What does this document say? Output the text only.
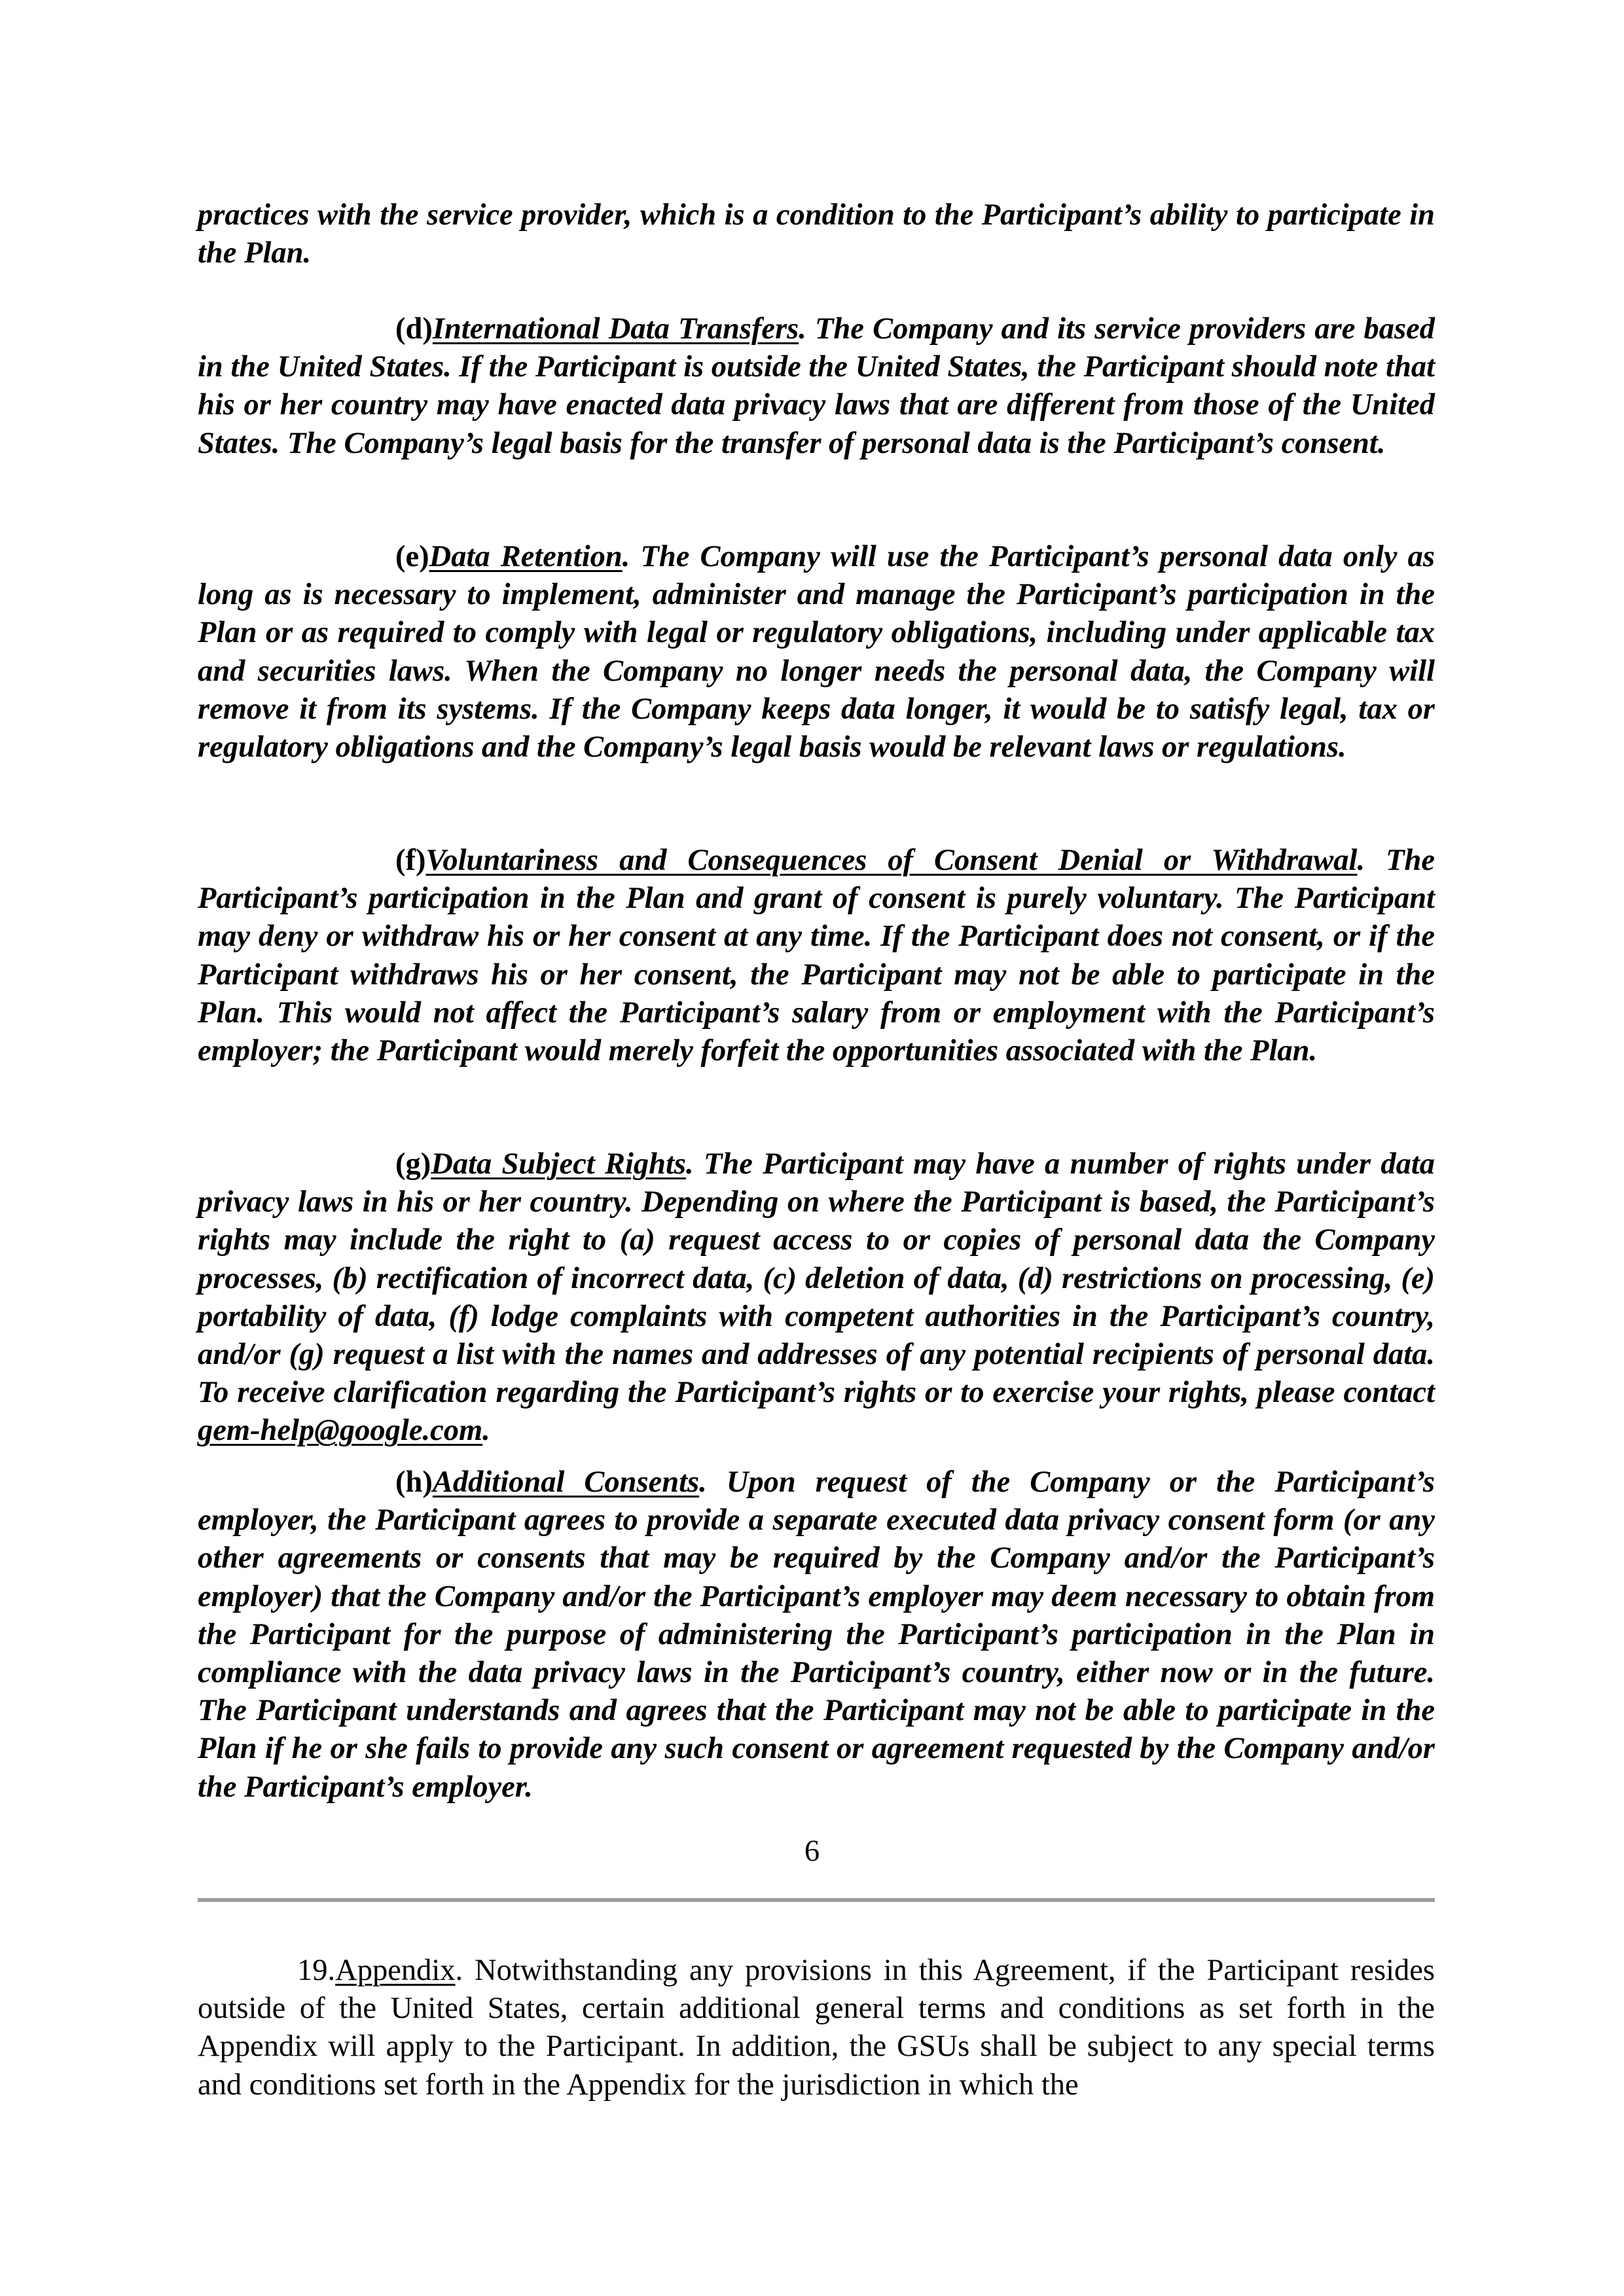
practices with the service provider, which is a condition to the Participant’s ability to participate in the Plan.

(d)International Data Transfers. The Company and its service providers are based in the United States. If the Participant is outside the United States, the Participant should note that his or her country may have enacted data privacy laws that are different from those of the United States. The Company’s legal basis for the transfer of personal data is the Participant’s consent.

(e)Data Retention. The Company will use the Participant’s personal data only as long as is necessary to implement, administer and manage the Participant’s participation in the Plan or as required to comply with legal or regulatory obligations, including under applicable tax and securities laws. When the Company no longer needs the personal data, the Company will remove it from its systems. If the Company keeps data longer, it would be to satisfy legal, tax or regulatory obligations and the Company’s legal basis would be relevant laws or regulations.

(f)Voluntariness and Consequences of Consent Denial or Withdrawal. The Participant’s participation in the Plan and grant of consent is purely voluntary. The Participant may deny or withdraw his or her consent at any time. If the Participant does not consent, or if the Participant withdraws his or her consent, the Participant may not be able to participate in the Plan. This would not affect the Participant’s salary from or employment with the Participant’s employer; the Participant would merely forfeit the opportunities associated with the Plan.

(g)Data Subject Rights. The Participant may have a number of rights under data privacy laws in his or her country. Depending on where the Participant is based, the Participant’s rights may include the right to (a) request access to or copies of personal data the Company processes, (b) rectification of incorrect data, (c) deletion of data, (d) restrictions on processing, (e) portability of data, (f) lodge complaints with competent authorities in the Participant’s country, and/or (g) request a list with the names and addresses of any potential recipients of personal data. To receive clarification regarding the Participant’s rights or to exercise your rights, please contact gem-help@google.com.

(h)Additional Consents. Upon request of the Company or the Participant’s employer, the Participant agrees to provide a separate executed data privacy consent form (or any other agreements or consents that may be required by the Company and/or the Participant’s employer) that the Company and/or the Participant’s employer may deem necessary to obtain from the Participant for the purpose of administering the Participant’s participation in the Plan in compliance with the data privacy laws in the Participant’s country, either now or in the future. The Participant understands and agrees that the Participant may not be able to participate in the Plan if he or she fails to provide any such consent or agreement requested by the Company and/or the Participant’s employer.

6

19.Appendix. Notwithstanding any provisions in this Agreement, if the Participant resides outside of the United States, certain additional general terms and conditions as set forth in the Appendix will apply to the Participant. In addition, the GSUs shall be subject to any special terms and conditions set forth in the Appendix for the jurisdiction in which the
